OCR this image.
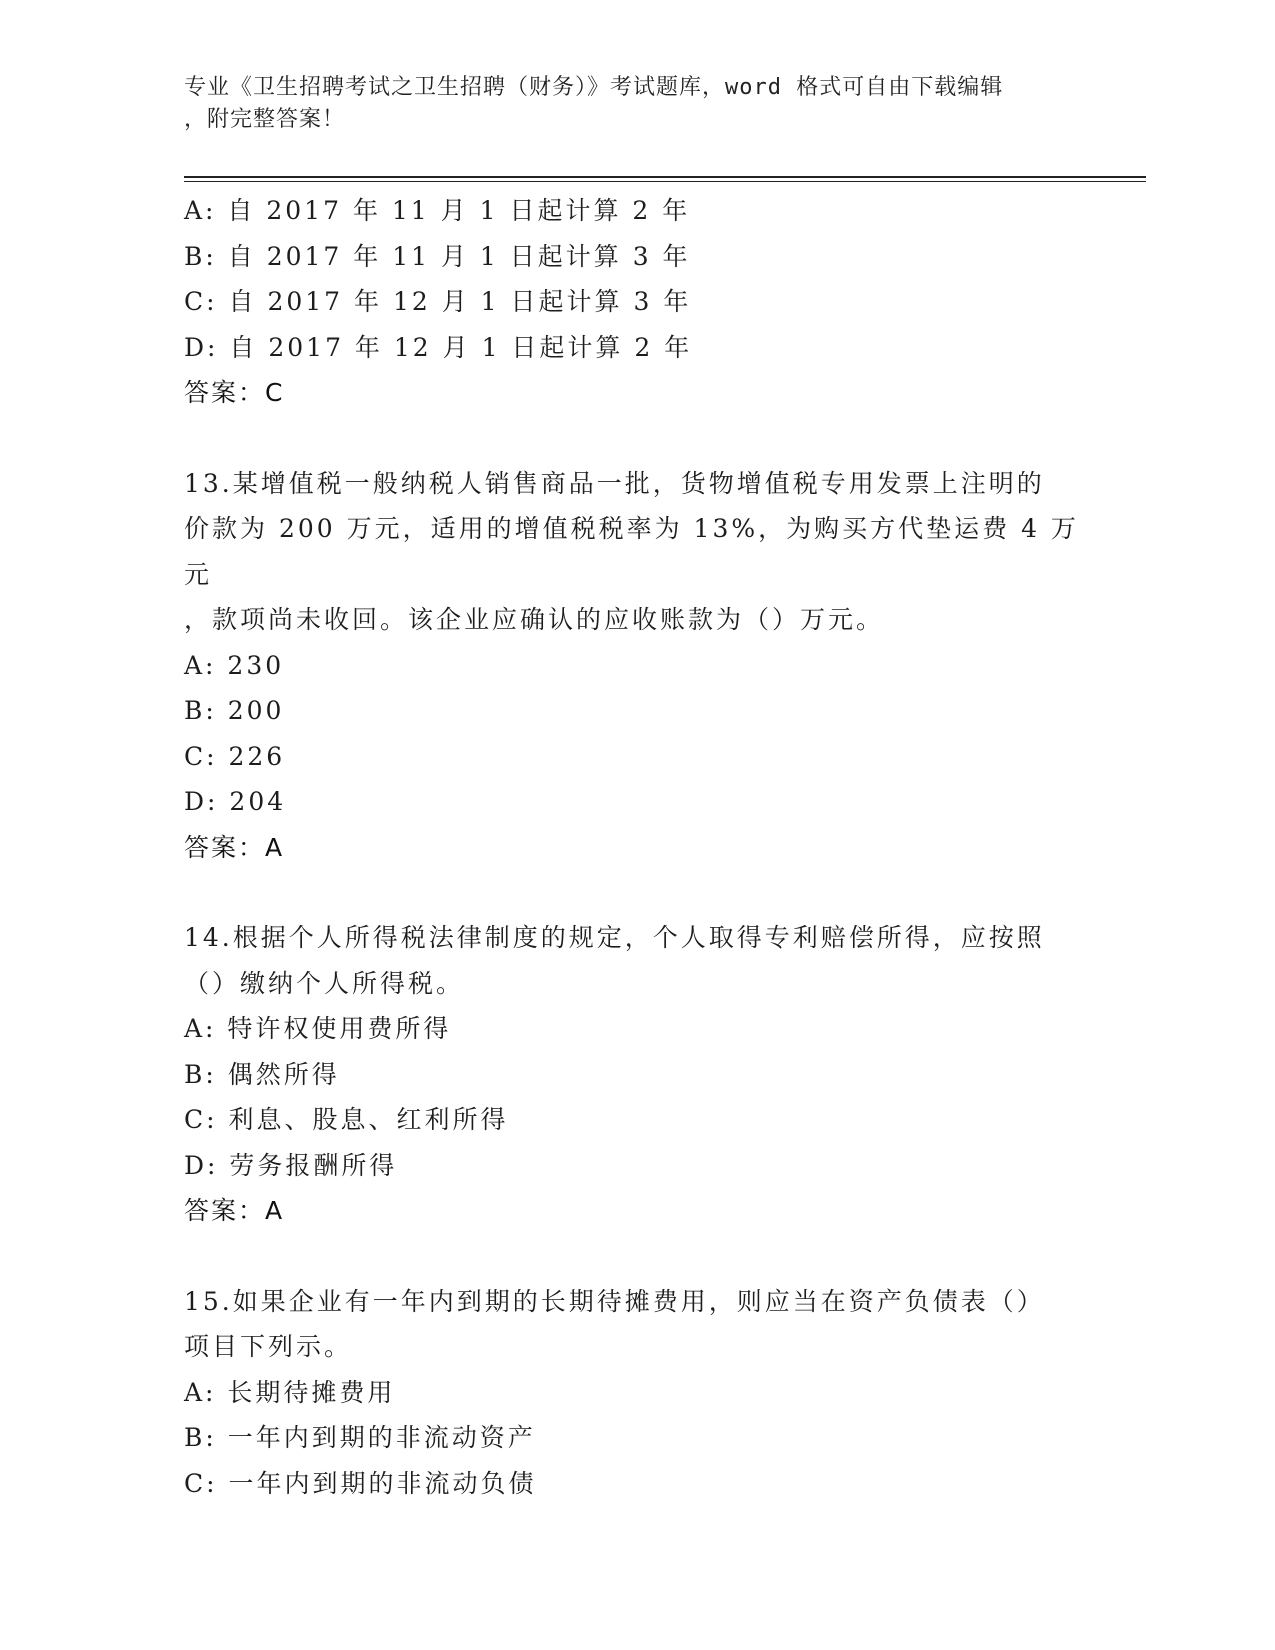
专业《卫生招聘考试之卫生招聘（财务）》考试题库，word 格式可自由下载编辑
，附完整答案！
A: 自 2017 年 11 月 1 日起计算 2 年
B: 自 2017 年 11 月 1 日起计算 3 年
C: 自 2017 年 12 月 1 日起计算 3 年
D: 自 2017 年 12 月 1 日起计算 2 年
答案：C
13.某增值税一般纳税人销售商品一批，货物增值税专用发票上注明的
价款为 200 万元，适用的增值税税率为 13%，为购买方代垫运费 4 万元
，款项尚未收回。该企业应确认的应收账款为（）万元。
A: 230
B: 200
C: 226
D: 204
答案：A
14.根据个人所得税法律制度的规定，个人取得专利赔偿所得，应按照
（）缴纳个人所得税。
A: 特许权使用费所得
B: 偶然所得
C: 利息、股息、红利所得
D: 劳务报酬所得
答案：A
15.如果企业有一年内到期的长期待摊费用，则应当在资产负债表（）
项目下列示。
A: 长期待摊费用
B: 一年内到期的非流动资产
C: 一年内到期的非流动负债
